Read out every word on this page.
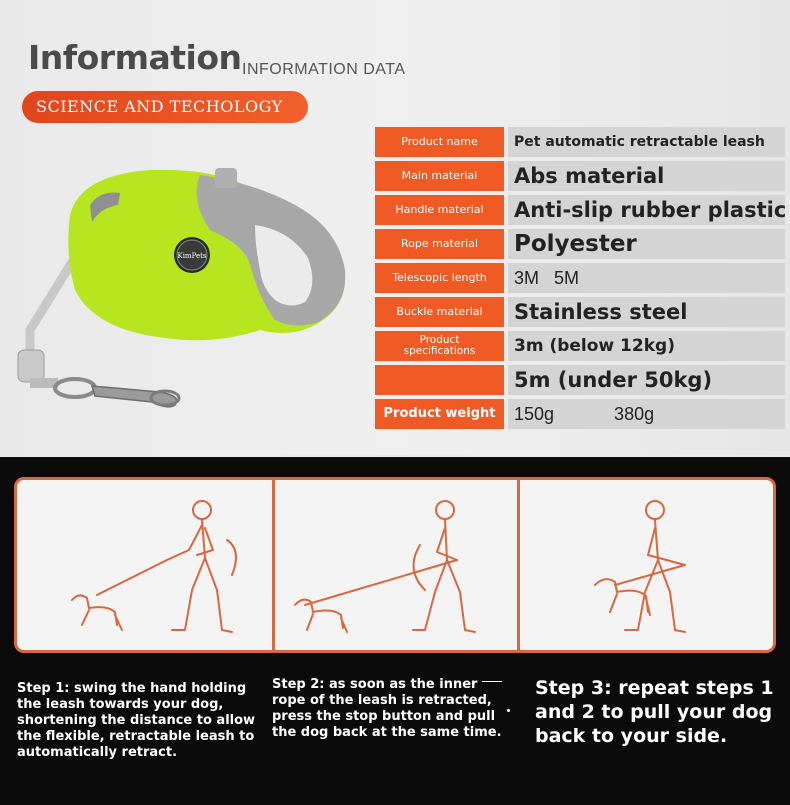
Information INFORMATION DATA
SCIENCE AND TECHOLOGY
KimPets
Product name	Pet automatic retractable leash
Main material	Abs material
Handle material	Anti-slip rubber plastic
Rope material	Polyester
Telescopic length	3M   5M
Buckle material	Stainless steel
Product specifications	3m (below 12kg)
5m (under 50kg)
Product weight	150g            380g
Step 1: swing the hand holding the leash towards your dog, shortening the distance to allow the flexible, retractable leash to automatically retract.
Step 2: as soon as the inner rope of the leash is retracted, press the stop button and pull the dog back at the same time.
Step 3: repeat steps 1 and 2 to pull your dog back to your side.
